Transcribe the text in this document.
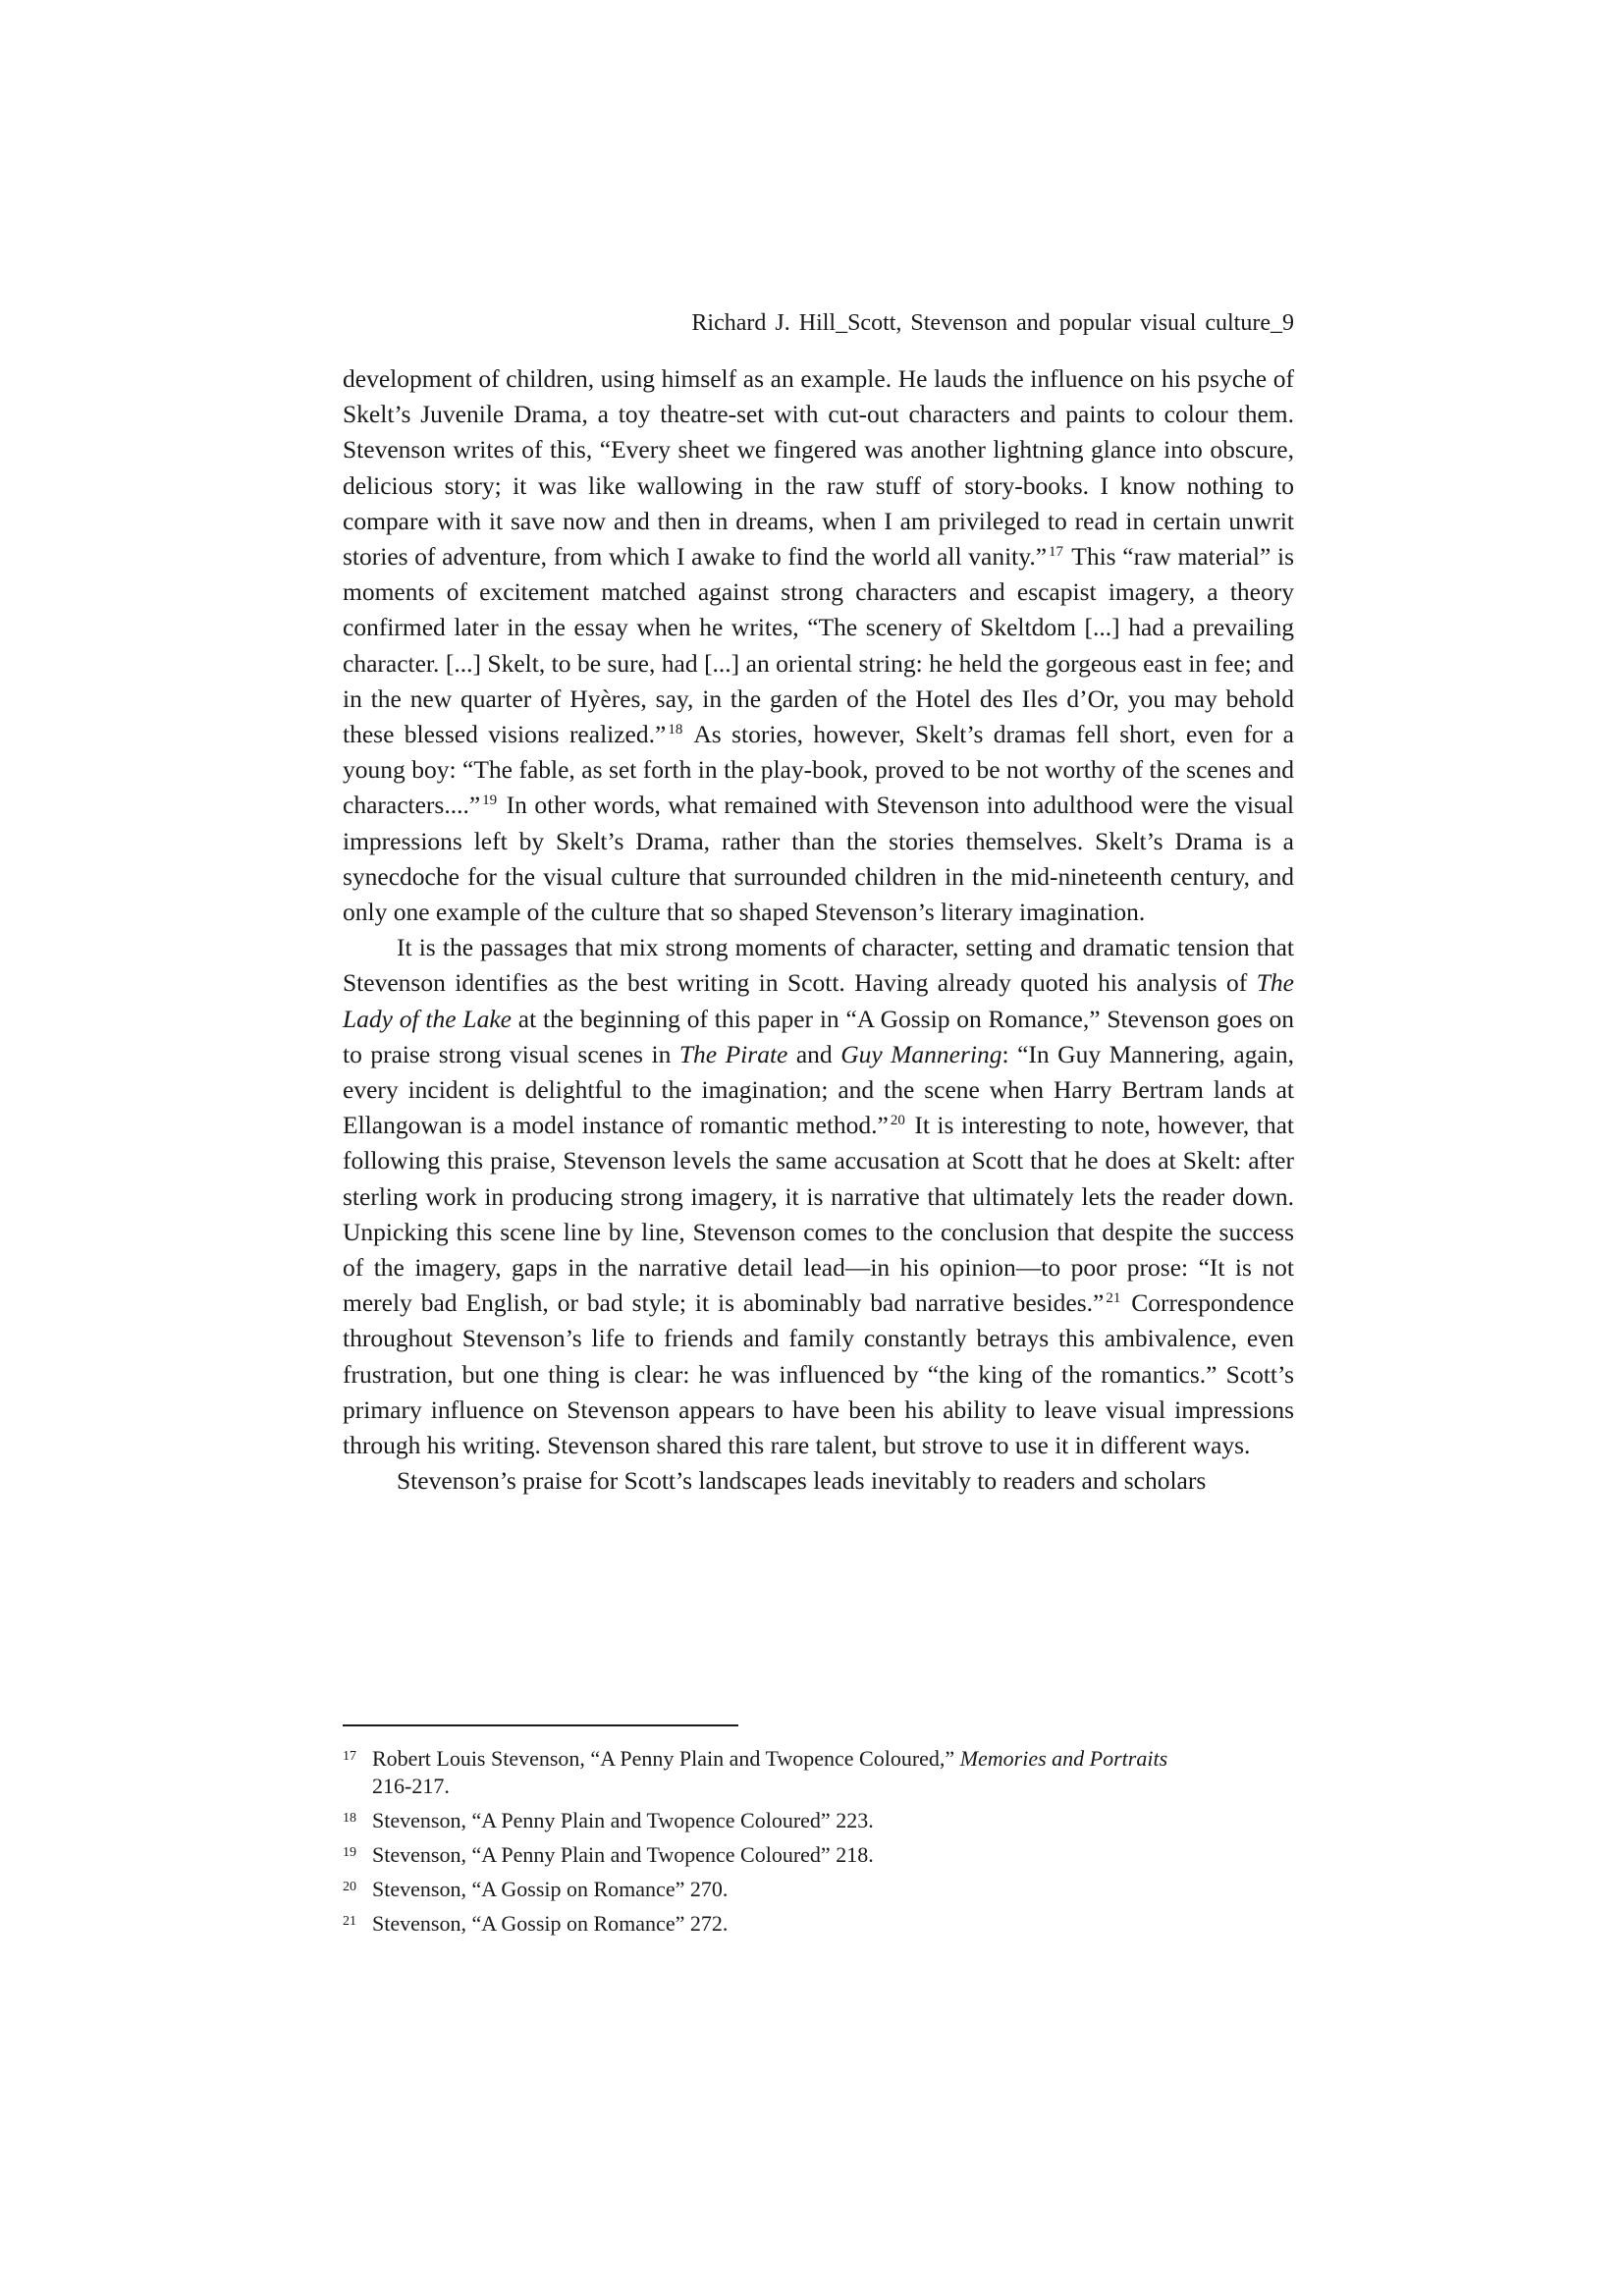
Richard J. Hill_Scott, Stevenson and popular visual culture_9

development of children, using himself as an example. He lauds the influence on his psyche of Skelt’s Juvenile Drama, a toy theatre-set with cut-out characters and paints to colour them. Stevenson writes of this, “Every sheet we fingered was another lightning glance into obscure, delicious story; it was like wallowing in the raw stuff of story-books. I know nothing to compare with it save now and then in dreams, when I am privileged to read in certain unwrit stories of adventure, from which I awake to find the world all vanity.” $^{17}$ This “raw material” is moments of excitement matched against strong characters and escapist imagery, a theory confirmed later in the essay when he writes, “The scenery of Skeltdom [...] had a prevailing character. [...] Skelt, to be sure, had [...] an oriental string: he held the gorgeous east in fee; and in the new quarter of Hyères, say, in the garden of the Hotel des Iles d’Or, you may behold these blessed visions realized.” $^{18}$ As stories, however, Skelt’s dramas fell short, even for a young boy: “The fable, as set forth in the play-book, proved to be not worthy of the scenes and characters....” $^{19}$ In other words, what remained with Stevenson into adulthood were the visual impressions left by Skelt’s Drama, rather than the stories themselves. Skelt’s Drama is a synecdoche for the visual culture that surrounded children in the mid-nineteenth century, and only one example of the culture that so shaped Stevenson’s literary imagination.

It is the passages that mix strong moments of character, setting and dramatic tension that Stevenson identifies as the best writing in Scott. Having already quoted his analysis of The Lady of the Lake at the beginning of this paper in “A Gossip on Romance,” Stevenson goes on to praise strong visual scenes in The Pirate and Guy Mannering: “In Guy Mannering, again, every incident is delightful to the imagination; and the scene when Harry Bertram lands at Ellangowan is a model instance of romantic method.” $^{20}$ It is interesting to note, however, that following this praise, Stevenson levels the same accusation at Scott that he does at Skelt: after sterling work in producing strong imagery, it is narrative that ultimately lets the reader down. Unpicking this scene line by line, Stevenson comes to the conclusion that despite the success of the imagery, gaps in the narrative detail lead—in his opinion—to poor prose: “It is not merely bad English, or bad style; it is abominably bad narrative besides.” $^{21}$ Correspondence throughout Stevenson’s life to friends and family constantly betrays this ambivalence, even frustration, but one thing is clear: he was influenced by “the king of the romantics.” Scott’s primary influence on Stevenson appears to have been his ability to leave visual impressions through his writing. Stevenson shared this rare talent, but strove to use it in different ways.

Stevenson’s praise for Scott’s landscapes leads inevitably to readers and scholars

17 Robert Louis Stevenson, “A Penny Plain and Twopence Coloured,” Memories and Portraits
216-217.
18 Stevenson, “A Penny Plain and Twopence Coloured” 223.
19 Stevenson, “A Penny Plain and Twopence Coloured” 218.
20 Stevenson, “A Gossip on Romance” 270.
21 Stevenson, “A Gossip on Romance” 272.
